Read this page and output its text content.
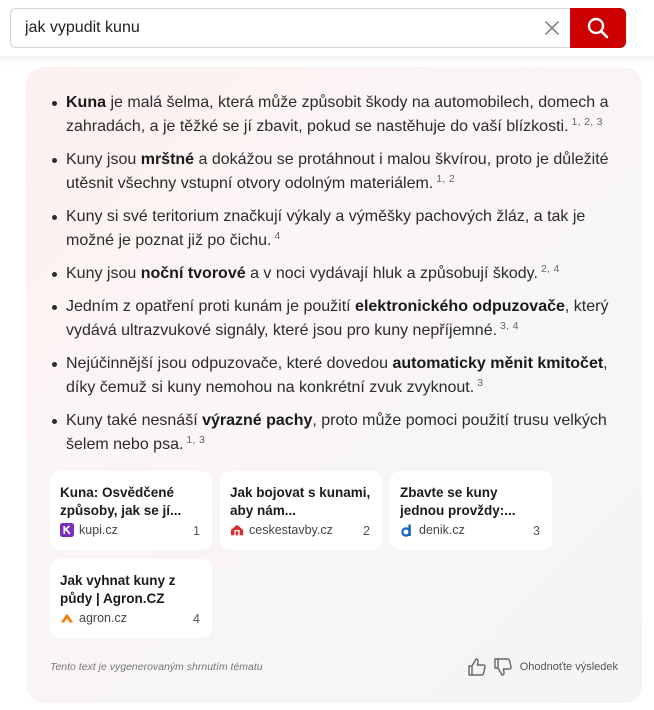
jak vypudit kunu
Kuna je malá šelma, která může způsobit škody na automobilech, domech a zahradách, a je těžké se jí zbavit, pokud se nastěhuje do vaší blízkosti. $^{1, 2, 3}$
Kuny jsou mrštné a dokážou se protáhnout i malou škvírou, proto je důležité utěsnit všechny vstupní otvory odolným materiálem. $^{1, 2}$
Kuny si své teritorium značkují výkaly a výměšky pachových žláz, a tak je možné je poznat již po čichu. $^4$
Kuny jsou noční tvorové a v noci vydávají hluk a způsobují škody. $^{2, 4}$
Jedním z opatření proti kunám je použití elektronického odpuzovače, který vydává ultrazvukové signály, které jsou pro kuny nepříjemné. $^{3, 4}$
Nejúčinnější jsou odpuzovače, které dovedou automaticky měnit kmitočet, díky čemuž si kuny nemohou na konkrétní zvuk zvyknout. $^3$
Kuny také nesnáší výrazné pachy, proto může pomoci použití trusu velkých šelem nebo psa. $^{1, 3}$
Kuna: Osvědčené způsoby, jak se jí...
kupi.cz	1
Jak bojovat s kunami, aby nám...
ceskestavby.cz 2
Zbavte se kuny jednou provždy:...
denik.cz	3
Jak vyhnat kuny z půdy | Agron.CZ
agron.cz	4
Tento text je vygenerovaným shrnutím tématu	Ohodnoťte výsledek
